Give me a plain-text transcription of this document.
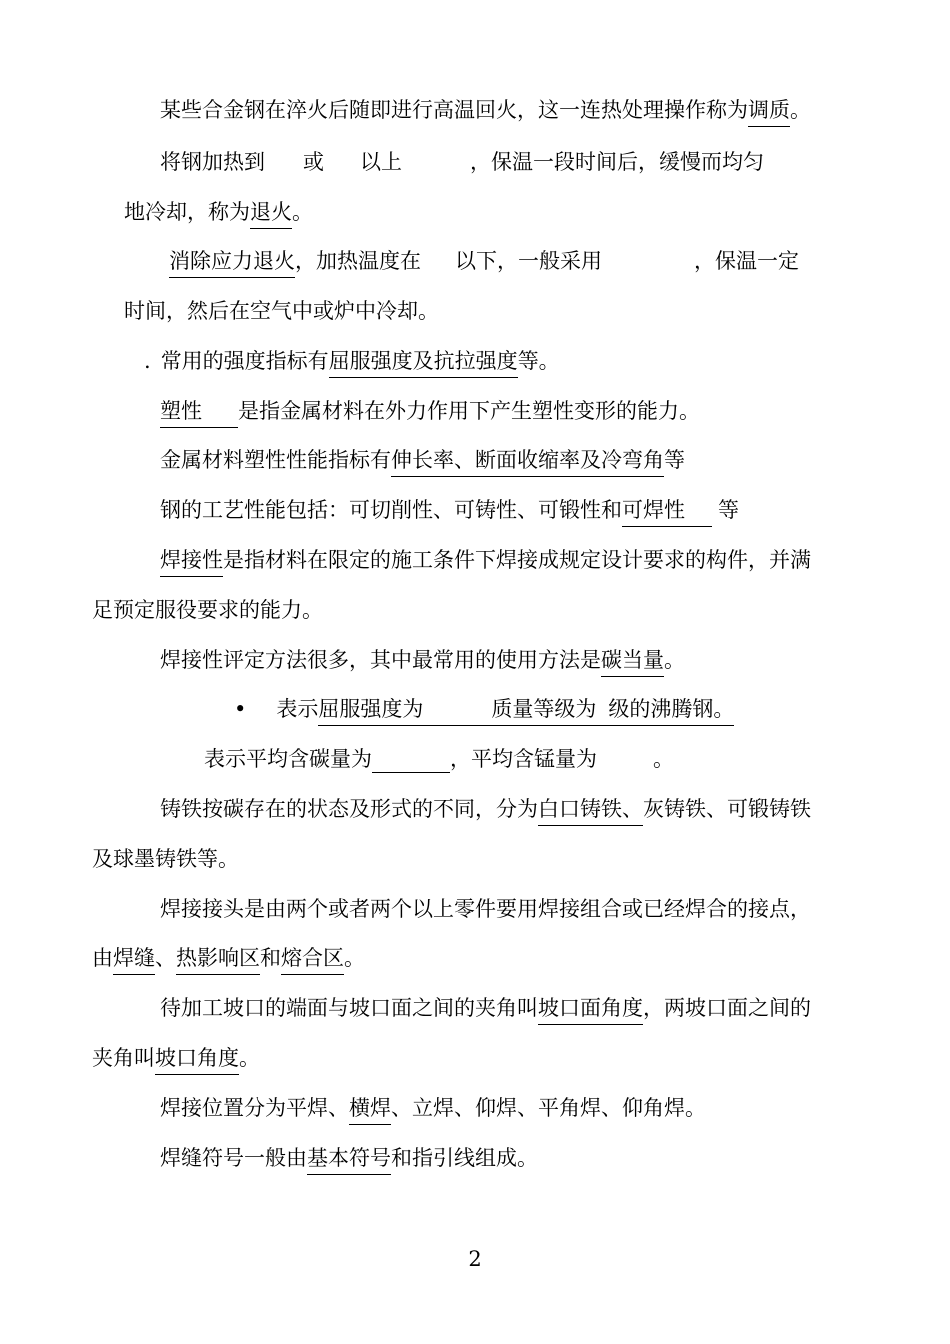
某些合金钢在淬火后随即进行高温回火，这一连热处理操作称为调质。
将钢加热到 或 以上	，保温一段时间后，缓慢而均匀
地冷却，称为退火。
消除应力退火，加热温度在 以下，一般采用	，保温一定
时间，然后在空气中或炉中冷却。
. 常用的强度指标有屈服强度及抗拉强度等。
塑性 是指金属材料在外力作用下产生塑性变形的能力。
金属材料塑性性能指标有伸长率、断面收缩率及冷弯角等
钢的工艺性能包括：可切削性、可铸性、可锻性和可焊性 等
焊接性是指材料在限定的施工条件下焊接成规定设计要求的构件，并满
足预定服役要求的能力。
焊接性评定方法很多，其中最常用的使用方法是碳当量。
• 表示屈服强度为	质量等级为 级的沸腾钢。
表示平均含碳量为	，平均含锰量为	。
铸铁按碳存在的状态及形式的不同，分为白口铸铁、灰铸铁、可锻铸铁
及球墨铸铁等。
焊接接头是由两个或者两个以上零件要用焊接组合或已经焊合的接点，
由焊缝、热影响区和熔合区。
待加工坡口的端面与坡口面之间的夹角叫坡口面角度，两坡口面之间的
夹角叫坡口角度。
焊接位置分为平焊、横焊、立焊、仰焊、平角焊、仰角焊。
焊缝符号一般由基本符号和指引线组成。
2
